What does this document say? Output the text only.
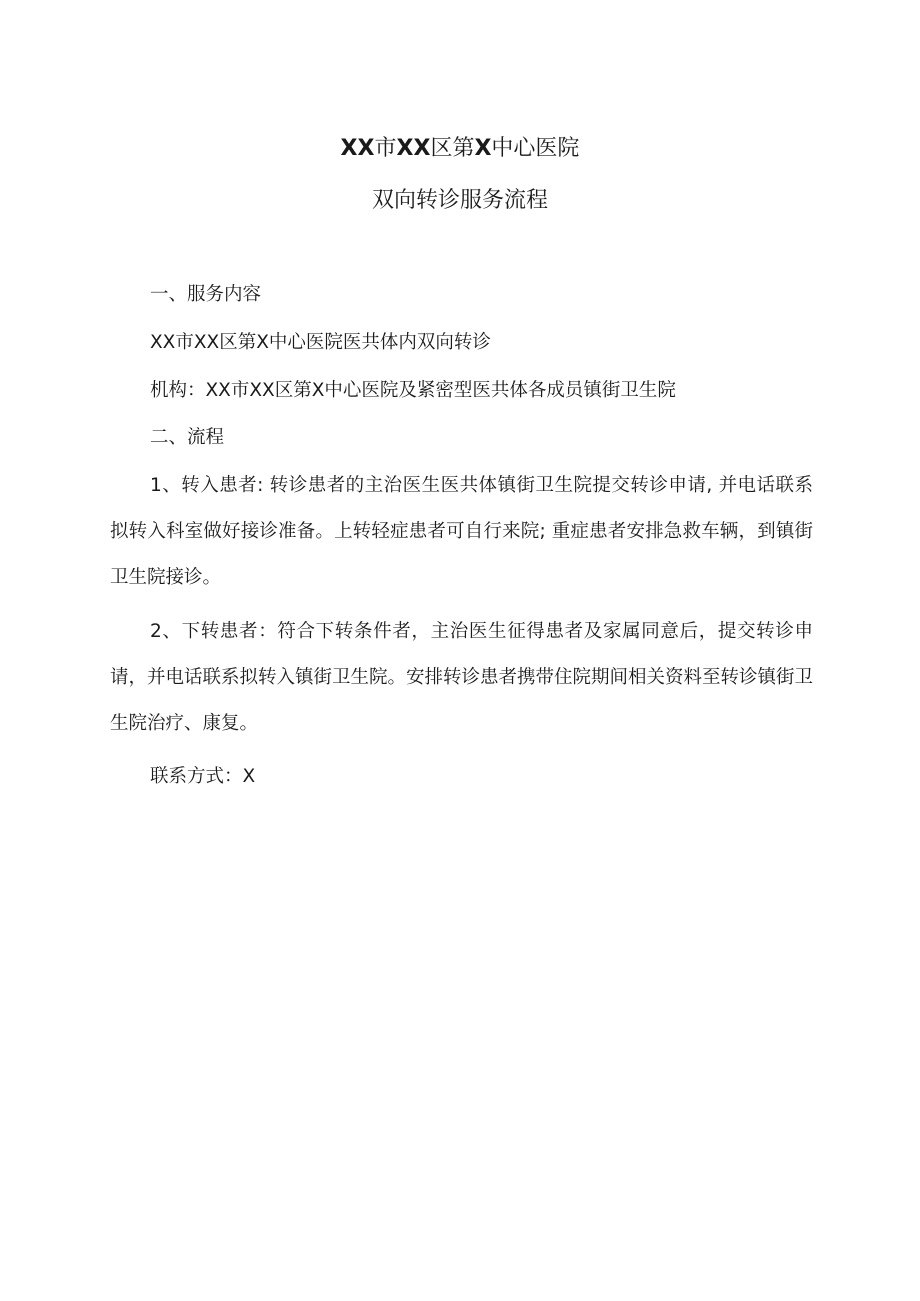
XX市XX区第X中心医院
双向转诊服务流程
一、服务内容
XX市XX区第X中心医院医共体内双向转诊
机构：XX市XX区第X中心医院及紧密型医共体各成员镇街卫生院
二、流程
1、转入患者: 转诊患者的主治医生医共体镇街卫生院提交转诊申请, 并电话联系拟转入科室做好接诊准备。上转轻症患者可自行来院; 重症患者安排急救车辆，到镇街卫生院接诊。
2、下转患者：符合下转条件者，主治医生征得患者及家属同意后，提交转诊申请，并电话联系拟转入镇街卫生院。安排转诊患者携带住院期间相关资料至转诊镇街卫生院治疗、康复。
联系方式：X
